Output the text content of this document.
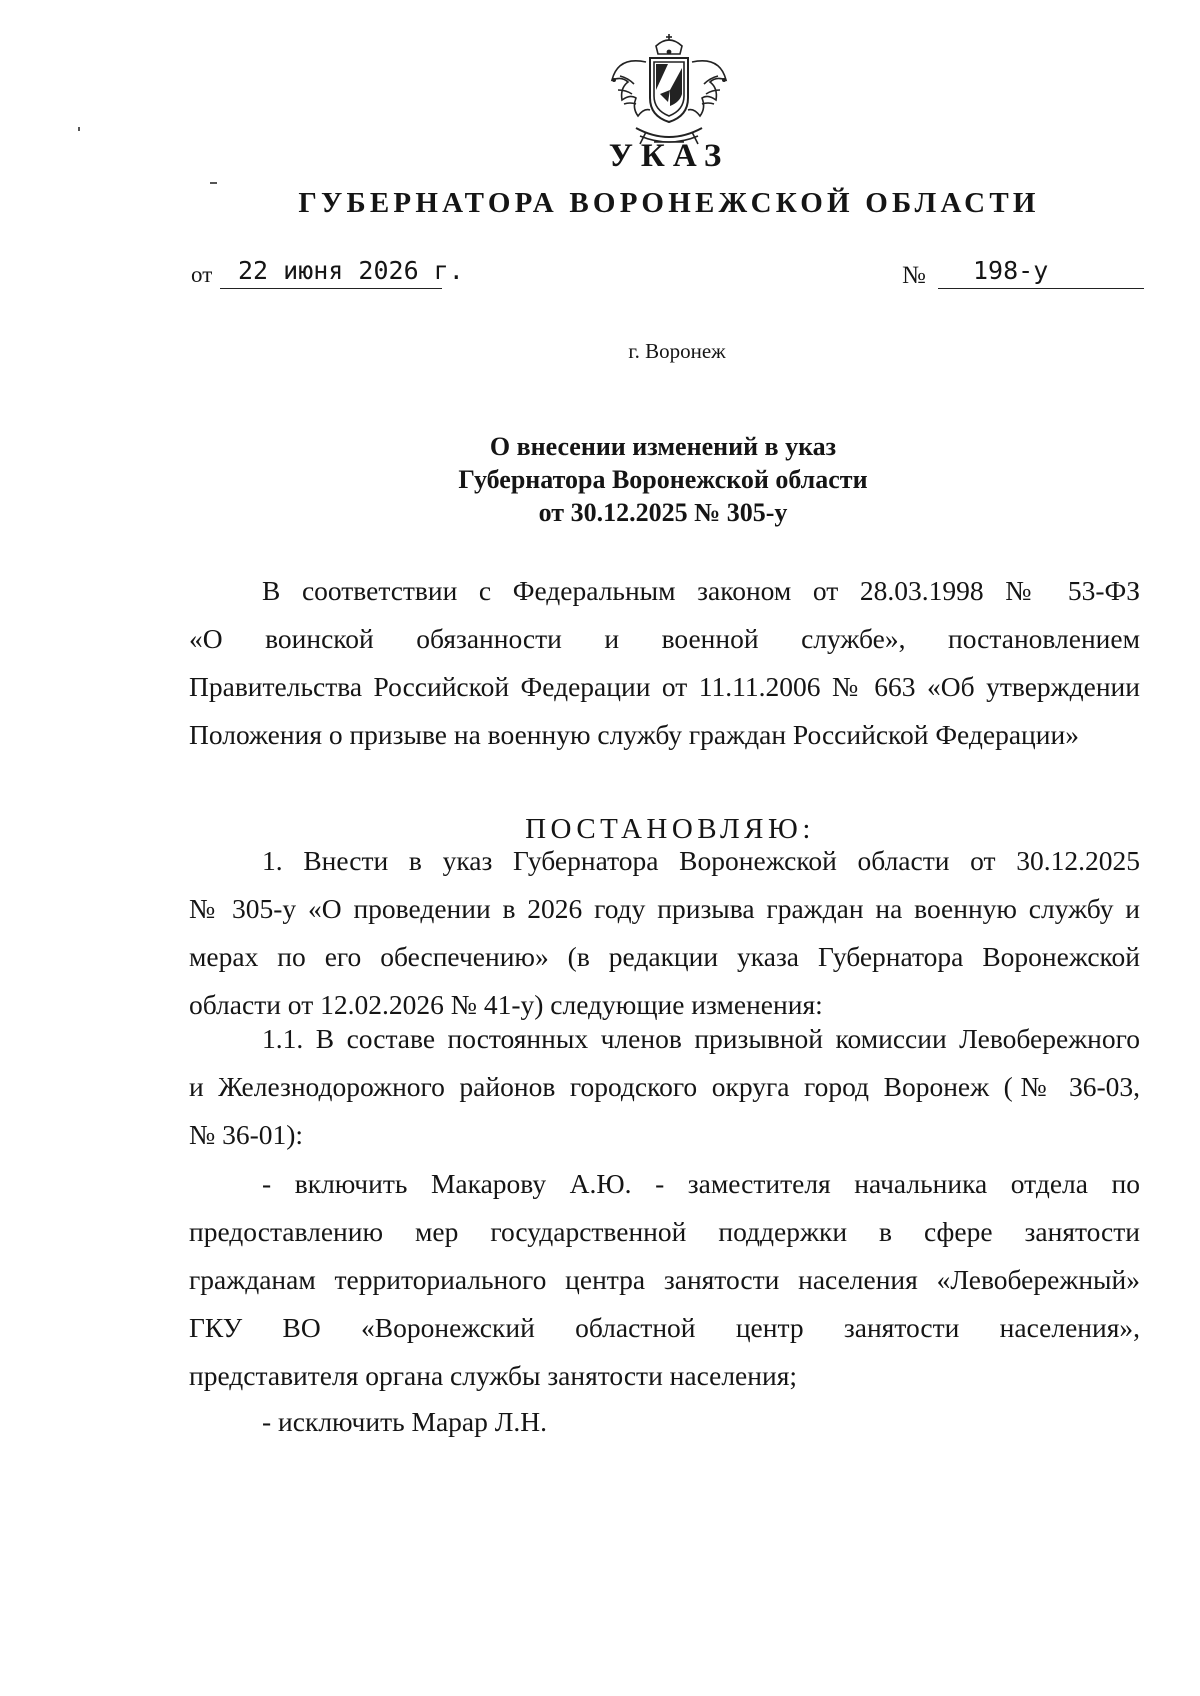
УКАЗ
ГУБЕРНАТОРА ВОРОНЕЖСКОЙ ОБЛАСТИ
от 22 июня 2026 г.	№ 198-у
г. Воронеж
О внесении изменений в указ
Губернатора Воронежской области
от 30.12.2025 № 305-у
В соответствии с Федеральным законом от 28.03.1998 № 53-ФЗ
«О воинской обязанности и военной службе», постановлением
Правительства Российской Федерации от 11.11.2006 № 663 «Об утверждении
Положения о призыве на военную службу граждан Российской Федерации»
ПОСТАНОВЛЯЮ:
1. Внести в указ Губернатора Воронежской области от 30.12.2025
№ 305-у «О проведении в 2026 году призыва граждан на военную службу и
мерах по его обеспечению» (в редакции указа Губернатора Воронежской
области от 12.02.2026 № 41-у) следующие изменения:
1.1. В составе постоянных членов призывной комиссии Левобережного
и Железнодорожного районов городского округа город Воронеж (№ 36-03,
№ 36-01):
- включить Макарову А.Ю. - заместителя начальника отдела по
предоставлению мер государственной поддержки в сфере занятости
гражданам территориального центра занятости населения «Левобережный»
ГКУ ВО «Воронежский областной центр занятости населения»,
представителя органа службы занятости населения;
- исключить Марар Л.Н.
